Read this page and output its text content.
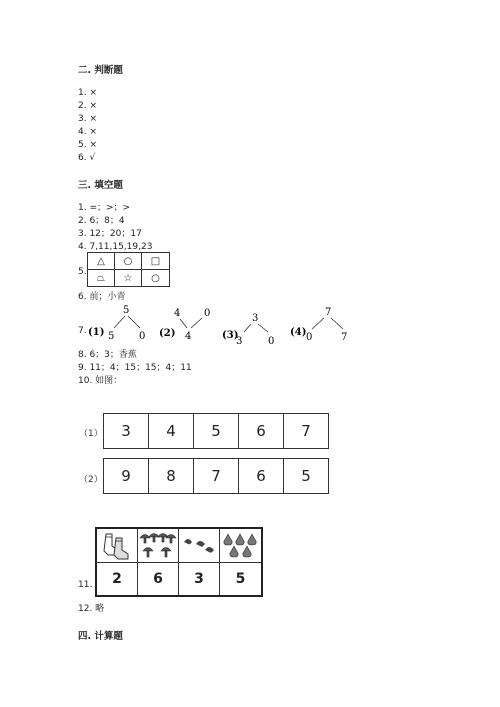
二. 判断题
1. ×
2. ×
3. ×
4. ×
5. ×
6. √
三. 填空题
1. =；>；>
2. 6；8；4
3. 12；20；17
4. 7,11,15,19,23
5.
△	○	□
⏢	☆	○
6. 前；小青
7. (1)
5
5 0 (2)
4 0
4	(3)
3
3	0
(4)
7
0	7
8. 6；3；香蕉
9. 11；4；15；15；4；11
10. 如图：
（1）	3	4	5	6	7
（2）	9	8	7	6	5
11.	2	6	3	5
12. 略
四. 计算题
